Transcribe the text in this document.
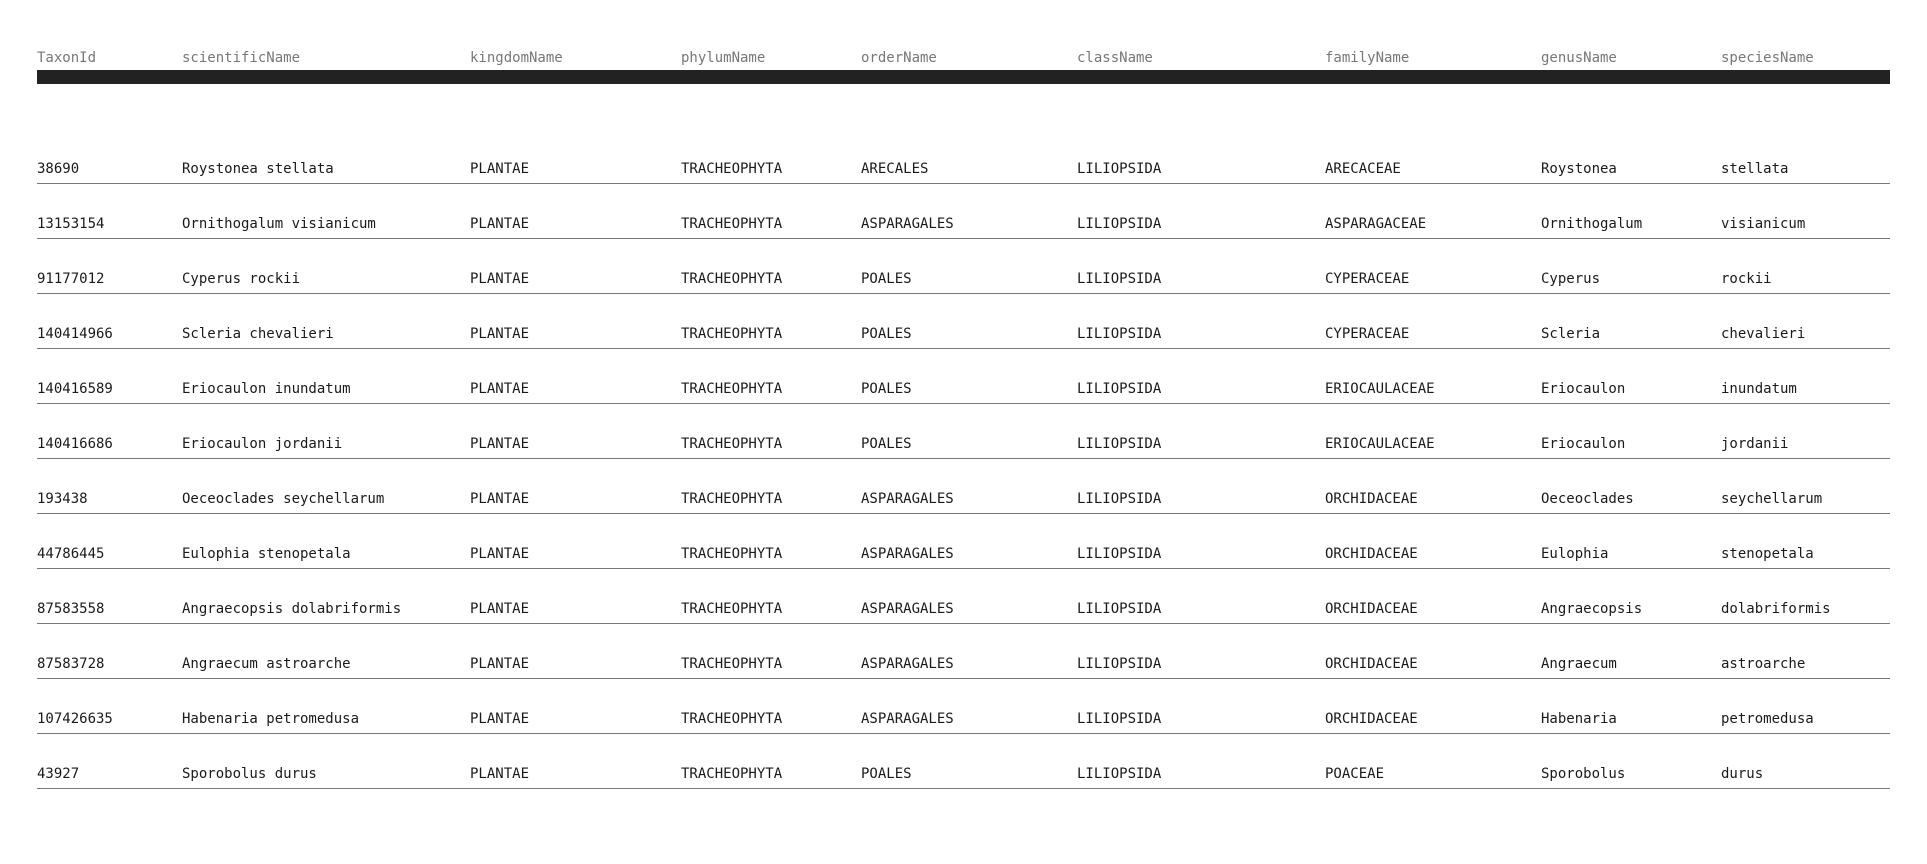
TaxonId	scientificName	kingdomName	phylumName	orderName	className	familyName	genusName	speciesName
38690	Roystonea stellata	PLANTAE	TRACHEOPHYTA	ARECALES	LILIOPSIDA	ARECACEAE	Roystonea	stellata
13153154	Ornithogalum visianicum	PLANTAE	TRACHEOPHYTA	ASPARAGALES	LILIOPSIDA	ASPARAGACEAE	Ornithogalum	visianicum
91177012	Cyperus rockii	PLANTAE	TRACHEOPHYTA	POALES	LILIOPSIDA	CYPERACEAE	Cyperus	rockii
140414966	Scleria chevalieri	PLANTAE	TRACHEOPHYTA	POALES	LILIOPSIDA	CYPERACEAE	Scleria	chevalieri
140416589	Eriocaulon inundatum	PLANTAE	TRACHEOPHYTA	POALES	LILIOPSIDA	ERIOCAULACEAE	Eriocaulon	inundatum
140416686	Eriocaulon jordanii	PLANTAE	TRACHEOPHYTA	POALES	LILIOPSIDA	ERIOCAULACEAE	Eriocaulon	jordanii
193438	Oeceoclades seychellarum	PLANTAE	TRACHEOPHYTA	ASPARAGALES	LILIOPSIDA	ORCHIDACEAE	Oeceoclades	seychellarum
44786445	Eulophia stenopetala	PLANTAE	TRACHEOPHYTA	ASPARAGALES	LILIOPSIDA	ORCHIDACEAE	Eulophia	stenopetala
87583558	Angraecopsis dolabriformis	PLANTAE	TRACHEOPHYTA	ASPARAGALES	LILIOPSIDA	ORCHIDACEAE	Angraecopsis	dolabriformis
87583728	Angraecum astroarche	PLANTAE	TRACHEOPHYTA	ASPARAGALES	LILIOPSIDA	ORCHIDACEAE	Angraecum	astroarche
107426635	Habenaria petromedusa	PLANTAE	TRACHEOPHYTA	ASPARAGALES	LILIOPSIDA	ORCHIDACEAE	Habenaria	petromedusa
43927	Sporobolus durus	PLANTAE	TRACHEOPHYTA	POALES	LILIOPSIDA	POACEAE	Sporobolus	durus
